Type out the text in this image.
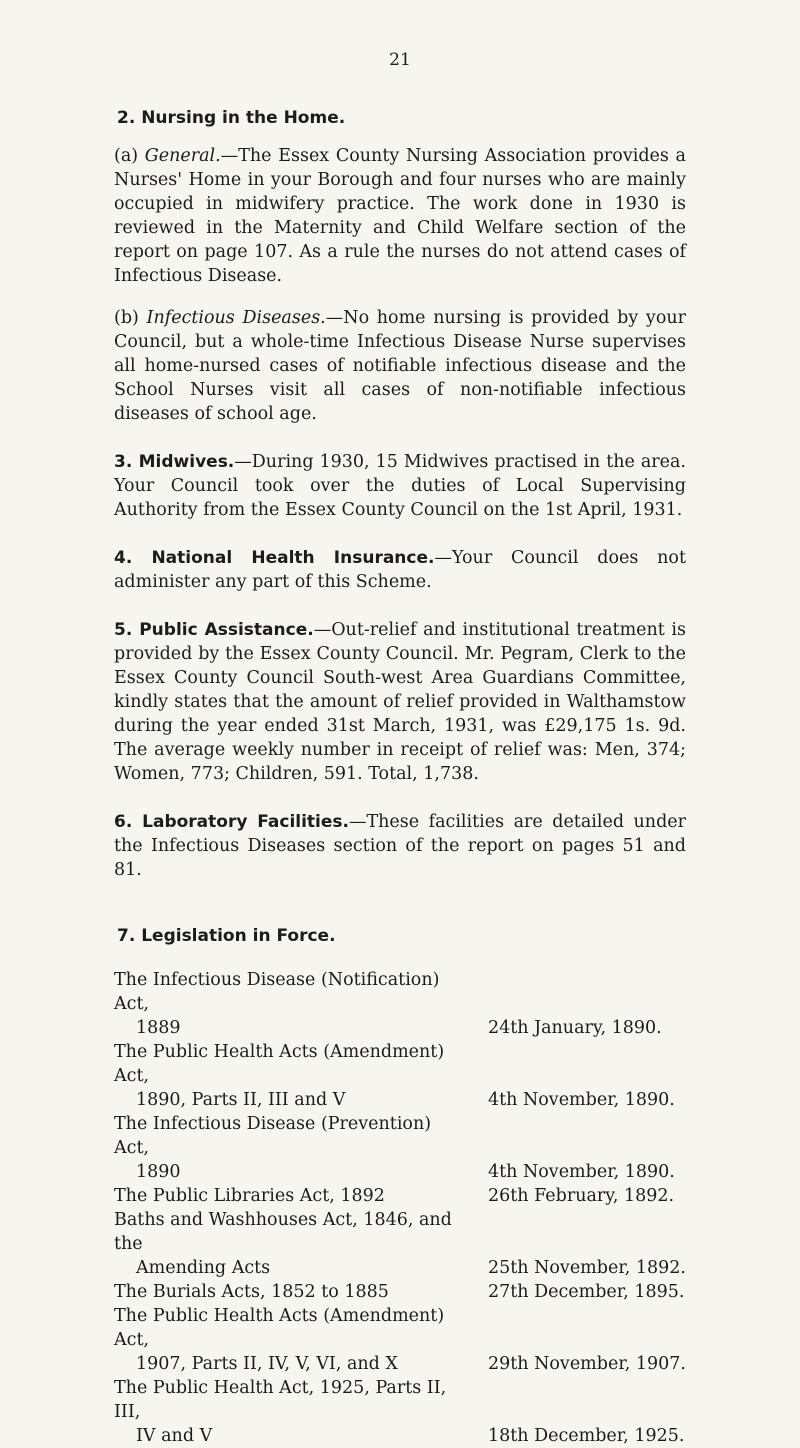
21
2. Nursing in the Home.

(a) General.—The Essex County Nursing Association provides a Nurses' Home in your Borough and four nurses who are mainly occupied in midwifery practice. The work done in 1930 is reviewed in the Maternity and Child Welfare section of the report on page 107. As a rule the nurses do not attend cases of Infectious Disease.

(b) Infectious Diseases.—No home nursing is provided by your Council, but a whole-time Infectious Disease Nurse supervises all home-nursed cases of notifiable infectious disease and the School Nurses visit all cases of non-notifiable infectious diseases of school age.

3. Midwives.—During 1930, 15 Midwives practised in the area. Your Council took over the duties of Local Supervising Authority from the Essex County Council on the 1st April, 1931.

4. National Health Insurance.—Your Council does not administer any part of this Scheme.

5. Public Assistance.—Out-relief and institutional treatment is provided by the Essex County Council. Mr. Pegram, Clerk to the Essex County Council South-west Area Guardians Committee, kindly states that the amount of relief provided in Walthamstow during the year ended 31st March, 1931, was £29,175 1s. 9d. The average weekly number in receipt of relief was: Men, 374; Women, 773; Children, 591. Total, 1,738.

6. Laboratory Facilities.—These facilities are detailed under the Infectious Diseases section of the report on pages 51 and 81.

7. Legislation in Force.
The Infectious Disease (Notification) Act,
1889	24th January, 1890.

The Public Health Acts (Amendment) Act,
1890, Parts II, III and V	4th November, 1890.

The Infectious Disease (Prevention) Act,
1890	4th November, 1890.

The Public Libraries Act, 1892	26th February, 1892.

Baths and Washhouses Act, 1846, and the
Amending Acts	25th November, 1892.

The Burials Acts, 1852 to 1885	27th December, 1895.

The Public Health Acts (Amendment) Act,
1907, Parts II, IV, V, VI, and X	29th November, 1907.

The Public Health Act, 1925, Parts II, III,
IV and V	18th December, 1925.
